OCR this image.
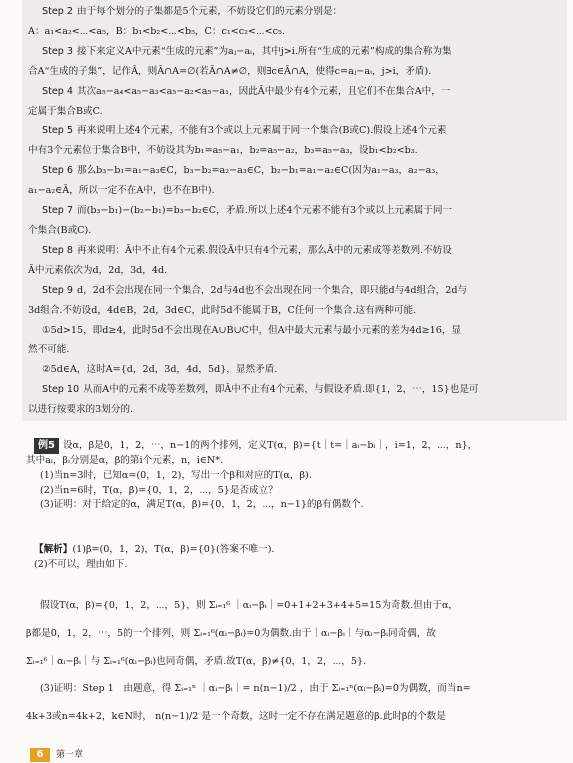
Step 2 由于每个划分的子集都是5个元素，不妨设它们的元素分别是：
A：a₁<a₂<⋯<a₅，B：b₁<b₂<⋯<b₅，C：c₁<c₂<⋯<c₅.
Step 3 接下来定义A中元素“生成的元素”为aⱼ−aᵢ，其中j>i.所有“生成的元素”构成的集合称为集
合A“生成的子集”，记作Ā，则Ā∩A=∅(若Ā∩A≠∅，则∃c∈Ā∩A，使得c=aⱼ−aᵢ，j>i，矛盾).
Step 4 其次a₅−a₄<a₅−a₃<a₅−a₂<a₅−a₁，因此Ā中最少有4个元素，且它们不在集合A中，一
定属于集合B或C.
Step 5 再来说明上述4个元素，不能有3个或以上元素属于同一个集合(B或C).假设上述4个元素
中有3个元素位于集合B中，不妨设其为b₁=a₅−a₁，b₂=a₅−a₂，b₃=a₅−a₃，设b₁<b₂<b₃.
Step 6 那么b₃−b₁=a₁−a₃∈C，b₃−b₂=a₂−a₃∈C，b₂−b₁=a₁−a₂∈C(因为a₁−a₃，a₂−a₃，
a₁−a₂∈Ā，所以一定不在A中，也不在B中).
Step 7 而(b₃−b₁)−(b₂−b₁)=b₃−b₂∈C，矛盾.所以上述4个元素不能有3个或以上元素属于同一
个集合(B或C).
Step 8 再来说明：Ā中不止有4个元素.假设Ā中只有4个元素，那么Ā中的元素成等差数列.不妨设
Ā中元素依次为d，2d，3d，4d.
Step 9 d，2d不会出现在同一个集合，2d与4d也不会出现在同一个集合，即只能d与4d组合，2d与
3d组合.不妨设d，4d∈B，2d，3d∈C，此时5d不能属于B，C任何一个集合.这有两种可能.
①5d>15，即d≥4，此时5d不会出现在A∪B∪C中，但A中最大元素与最小元素的差为4d≥16，显
然不可能.
②5d∈A，这时A={d，2d，3d，4d，5d}，显然矛盾.
Step 10 从而A中的元素不成等差数列，即Ā中不止有4个元素，与假设矛盾.即{1，2，⋯，15}也是可
以进行按要求的3划分的.
例5 设α，β是0，1，2，⋯，n−1的两个排列，定义T(α，β)={t｜t=｜aᵢ−bᵢ｜，i=1，2，⋯，n}，
其中aᵢ，βᵢ分别是α，β的第i个元素，n，i∈N*.
(1)当n=3时，已知α=(0，1，2)，写出一个β和对应的T(α，β).
(2)当n=6时，T(α，β)={0，1，2，⋯，5}是否成立？
(3)证明：对于给定的α，满足T(α，β)={0，1，2，⋯，n−1}的β有偶数个.
【解析】(1)β=(0，1，2)，T(α，β)={0}(答案不唯一).
(2)不可以，理由如下.
假设T(α，β)={0，1，2，⋯，5}，则 Σᵢ₌₁⁶ ｜αᵢ−βᵢ｜=0+1+2+3+4+5=15为奇数.但由于α，
β都是0，1，2，⋯，5的一个排列，则 Σᵢ₌₁⁶(αᵢ−βᵢ)=0为偶数.由于｜αᵢ−βᵢ｜与αᵢ−βᵢ同奇偶，故
Σᵢ₌₁⁶｜αᵢ−βᵢ｜与 Σᵢ₌₁⁶(αᵢ−βᵢ)也同奇偶，矛盾.故T(α，β)≠{0，1，2，⋯，5}.
(3)证明：Step 1　由题意，得 Σᵢ₌₁ⁿ ｜αᵢ−βᵢ｜= n(n−1)/2 ，由于 Σᵢ₌₁ⁿ(αᵢ−βᵢ)=0为偶数，而当n=
4k+3或n=4k+2，k∈N时， n(n−1)/2 是一个奇数，这时一定不存在满足题意的β.此时β的个数是
6	第一章
